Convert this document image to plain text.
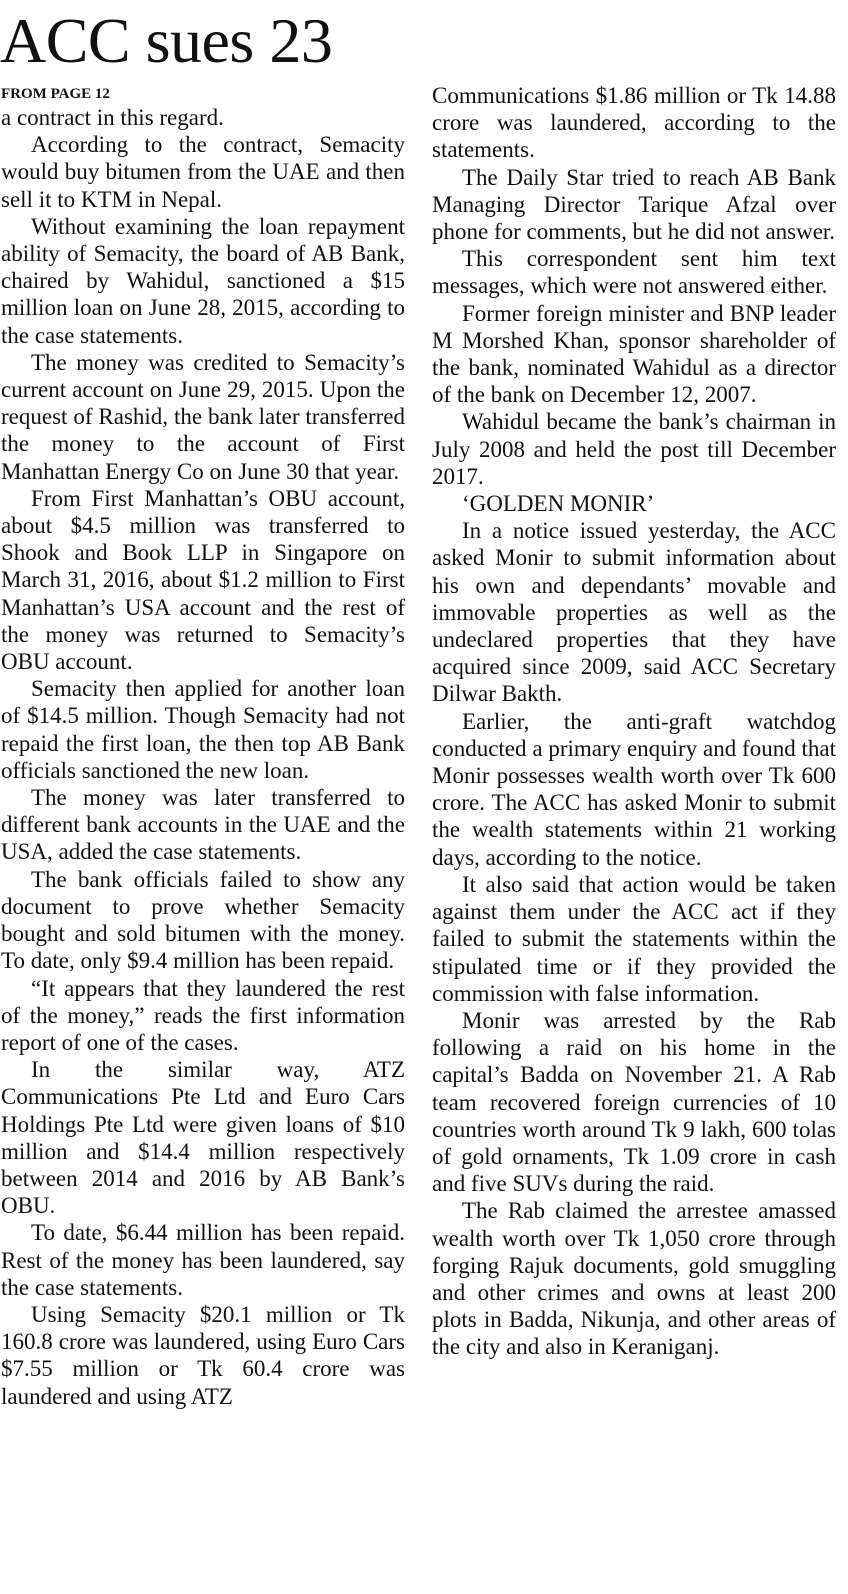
ACC sues 23
FROM PAGE 12

a contract in this regard.

According to the contract, Semacity would buy bitumen from the UAE and then sell it to KTM in Nepal.

Without examining the loan repayment ability of Semacity, the board of AB Bank, chaired by Wahidul, sanctioned a $15 million loan on June 28, 2015, according to the case statements.

The money was credited to Semacity’s current account on June 29, 2015. Upon the request of Rashid, the bank later transferred the money to the account of First Manhattan Energy Co on June 30 that year.

From First Manhattan’s OBU account, about $4.5 million was transferred to Shook and Book LLP in Singapore on March 31, 2016, about $1.2 million to First Manhattan’s USA account and the rest of the money was returned to Semacity’s OBU account.

Semacity then applied for another loan of $14.5 million. Though Semacity had not repaid the first loan, the then top AB Bank officials sanctioned the new loan.

The money was later transferred to different bank accounts in the UAE and the USA, added the case statements.

The bank officials failed to show any document to prove whether Semacity bought and sold bitumen with the money. To date, only $9.4 million has been repaid.

“It appears that they laundered the rest of the money,” reads the first information report of one of the cases.

In the similar way, ATZ Communications Pte Ltd and Euro Cars Holdings Pte Ltd were given loans of $10 million and $14.4 million respectively between 2014 and 2016 by AB Bank’s OBU.

To date, $6.44 million has been repaid. Rest of the money has been laundered, say the case statements.

Using Semacity $20.1 million or Tk 160.8 crore was laundered, using Euro Cars $7.55 million or Tk 60.4 crore was laundered and using ATZ

Communications $1.86 million or Tk 14.88 crore was laundered, according to the statements.

The Daily Star tried to reach AB Bank Managing Director Tarique Afzal over phone for comments, but he did not answer.

This correspondent sent him text messages, which were not answered either.

Former foreign minister and BNP leader M Morshed Khan, sponsor shareholder of the bank, nominated Wahidul as a director of the bank on December 12, 2007.

Wahidul became the bank’s chairman in July 2008 and held the post till December 2017.

‘GOLDEN MONIR’

In a notice issued yesterday, the ACC asked Monir to submit information about his own and dependants’ movable and immovable properties as well as the undeclared properties that they have acquired since 2009, said ACC Secretary Dilwar Bakth.

Earlier, the anti-graft watchdog conducted a primary enquiry and found that Monir possesses wealth worth over Tk 600 crore. The ACC has asked Monir to submit the wealth statements within 21 working days, according to the notice.

It also said that action would be taken against them under the ACC act if they failed to submit the statements within the stipulated time or if they provided the commission with false information.

Monir was arrested by the Rab following a raid on his home in the capital’s Badda on November 21. A Rab team recovered foreign currencies of 10 countries worth around Tk 9 lakh, 600 tolas of gold ornaments, Tk 1.09 crore in cash and five SUVs during the raid.

The Rab claimed the arrestee amassed wealth worth over Tk 1,050 crore through forging Rajuk documents, gold smuggling and other crimes and owns at least 200 plots in Badda, Nikunja, and other areas of the city and also in Keraniganj.
